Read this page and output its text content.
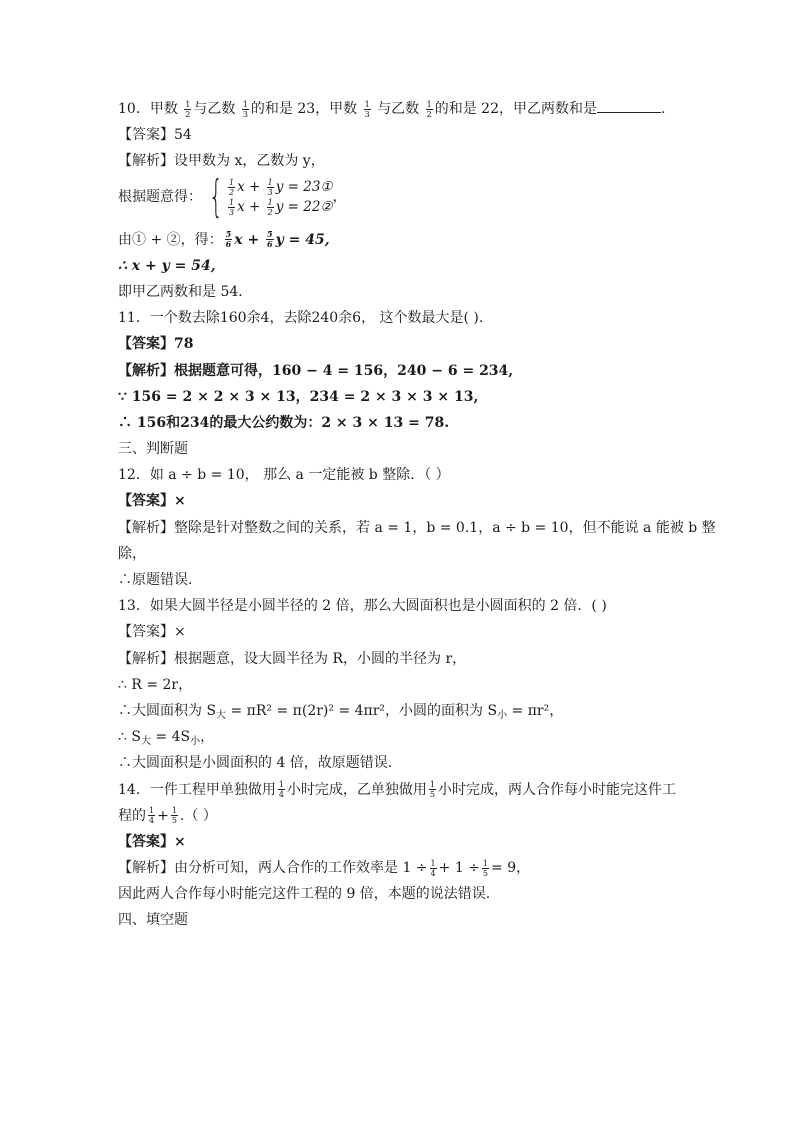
10．甲数 $\frac{1}{2}$ 与乙数 $\frac{1}{3}$ 的和是 23，甲数 $\frac{1}{3}$ 与乙数 $\frac{1}{2}$ 的和是 22，甲乙两数和是	.
【答案】54
【解析】设甲数为 x，乙数为 y，
根据题意得： { $\frac{1}{2}$ $x + \frac{1}{3}$ y = 23①
$\frac{1}{3}$ $x + \frac{1}{2}$ y = 22②
，
由① + ②，得： $\frac{5}{6}$ $x + \frac{5}{6}$ y = 45,
∴ x + y = 54,
即甲乙两数和是 54．
11．一个数去除160余4，去除240余6， 这个数最大是( ).
【答案】78
【解析】根据题意可得，160 − 4 = 156，240 − 6 = 234,
∵ 156 = 2 × 2 × 3 × 13，234 = 2 × 3 × 3 × 13,
∴ 156和234的最大公约数为：2 × 3 × 13 = 78.
三、判断题
12．如 a ÷ b = 10， 那么 a 一定能被 b 整除．（ ）
【答案】×
【解析】整除是针对整数之间的关系，若 a = 1，b = 0.1，a ÷ b = 10，但不能说 a 能被 b 整
除，
∴原题错误.
13．如果大圆半径是小圆半径的 2 倍，那么大圆面积也是小圆面积的 2 倍．( )
【答案】×
【解析】根据题意，设大圆半径为 R，小圆的半径为 r，
∴ R = 2r，
∴大圆面积为 $S_大 = \pi R^2 = \pi(2r)^2 = 4\pi r^2$，小圆的面积为 $S_小 = \pi r^2$，
∴ $S_大 = 4S_小$，
∴大圆面积是小圆面积的 4 倍，故原题错误.
14．一件工程甲单独做用 $\frac{1}{4}$ 小时完成，乙单独做用 $\frac{1}{5}$ 小时完成，两人合作每小时能完这件工
程的 $\frac{1}{4} + \frac{1}{5}$ .（ ）
【答案】×
【解析】由分析可知，两人合作的工作效率是 $1 \div \frac{1}{4} + 1 \div \frac{1}{5} = 9$，
因此两人合作每小时能完这件工程的 9 倍，本题的说法错误.
四、填空题
